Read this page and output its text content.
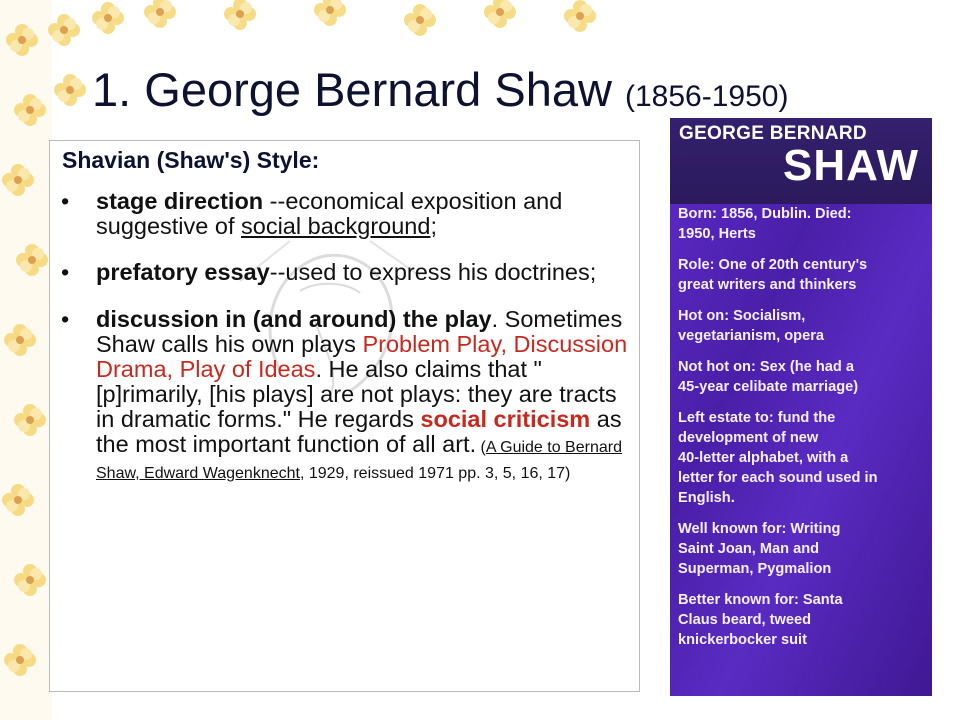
1. George Bernard Shaw (1856-1950)
Shavian (Shaw's) Style:
• stage direction --economical exposition and suggestive of social background;
• prefatory essay--used to express his doctrines;
• discussion in (and around) the play. Sometimes Shaw calls his own plays Problem Play, Discussion Drama, Play of Ideas. He also claims that "[p]rimarily, [his plays] are not plays: they are tracts in dramatic forms." He regards social criticism as the most important function of all art. (A Guide to Bernard Shaw, Edward Wagenknecht, 1929, reissued 1971 pp. 3, 5, 16, 17)
GEORGE BERNARD
SHAW
Born: 1856, Dublin. Died:
1950, Herts
Role: One of 20th century's
great writers and thinkers
Hot on: Socialism,
vegetarianism, opera
Not hot on: Sex (he had a
45-year celibate marriage)
Left estate to: fund the
development of new
40-letter alphabet, with a
letter for each sound used in
English.
Well known for: Writing
Saint Joan, Man and
Superman, Pygmalion
Better known for: Santa
Claus beard, tweed
knickerbocker suit
